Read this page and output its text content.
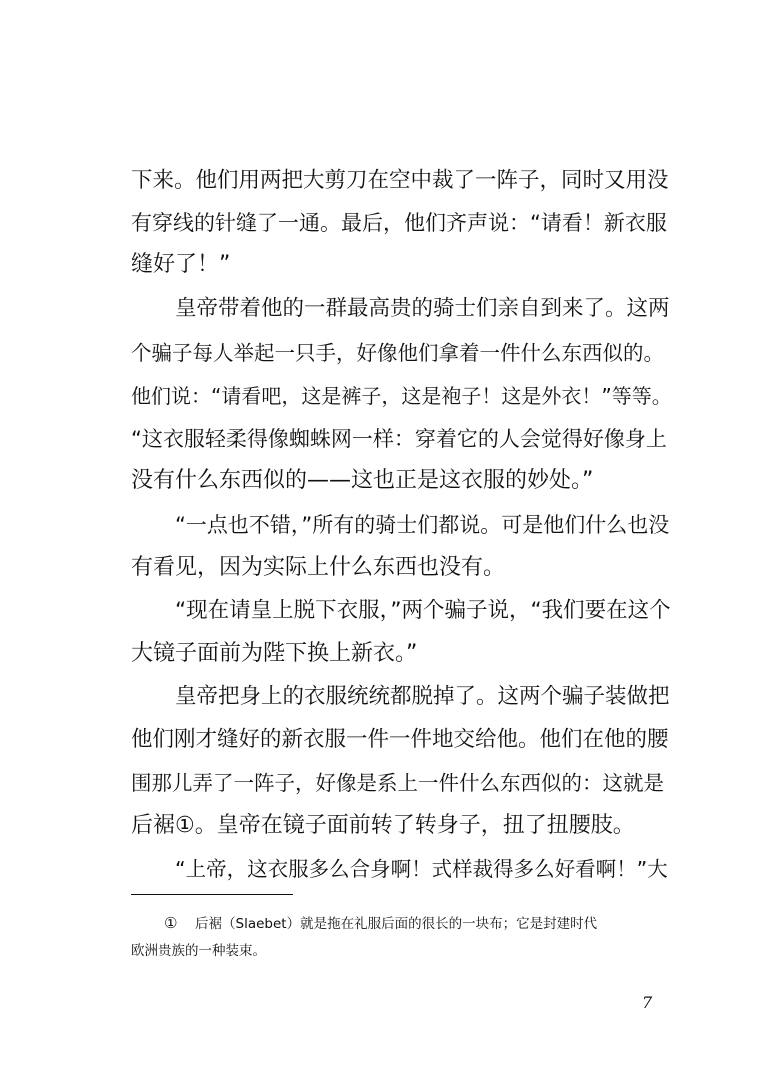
下来。他们用两把大剪刀在空中裁了一阵子，同时又用没
有穿线的针缝了一通。最后，他们齐声说：“请看！新衣服
缝好了！”
皇帝带着他的一群最高贵的骑士们亲自到来了。这两
个骗子每人举起一只手，好像他们拿着一件什么东西似的。
他们说：“请看吧，这是裤子，这是袍子！这是外衣！”等等。
“这衣服轻柔得像蜘蛛网一样：穿着它的人会觉得好像身上
没有什么东西似的——这也正是这衣服的妙处。”
“一点也不错，”所有的骑士们都说。可是他们什么也没
有看见，因为实际上什么东西也没有。
“现在请皇上脱下衣服，”两个骗子说，“我们要在这个
大镜子面前为陛下换上新衣。”
皇帝把身上的衣服统统都脱掉了。这两个骗子装做把
他们刚才缝好的新衣服一件一件地交给他。他们在他的腰
围那儿弄了一阵子，好像是系上一件什么东西似的：这就是
后裾①。皇帝在镜子面前转了转身子，扭了扭腰肢。
“上帝，这衣服多么合身啊！式样裁得多么好看啊！”大
① 后裾（Slaebet）就是拖在礼服后面的很长的一块布；它是封建时代
欧洲贵族的一种装束。
7
